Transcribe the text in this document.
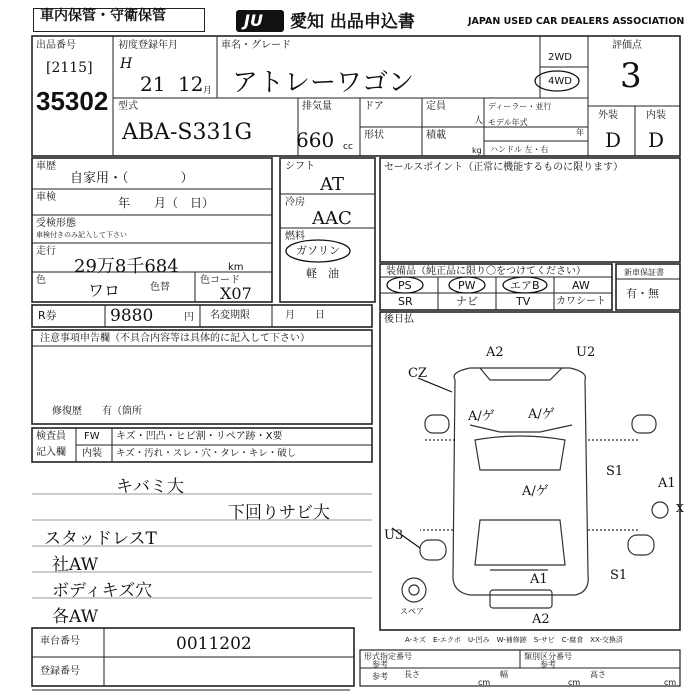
車内保管・守衛保管	JU 愛知 出品申込書	JAPAN USED CAR DEALERS ASSOCIATION
出品番号
[2115]
35302
初度登録年月
H
21 12 月
車名・グレード
アトレーワゴン
2WD
4WD
評価点
3
外装	内装
D D
型式
ABA-S331G
排気量
660 cc
ドア	定員
人
ディーラー・並行
モデル年式
年
形状	積載
kg ハンドル 左・右
車歴
自家用・（　　　　）
車検	年　　月（　日）
受検形態
車検付きのみ記入して下さい
走行
29万8千684	km
色
ワロ	色替
色コード
X07
シフト
AT
冷房
AAC
燃料
ガソリン
軽　油
セールスポイント（正常に機能するものに限ります）
装備品（純正品に限り〇をつけてください）
PS	PW	エアB	AW
SR	ナビ	TV	カワシート
新車保証書
有・無
R券	9880	円 名変期限	月　　日
注意事項申告欄（不具合内容等は具体的に記入して下さい）
修復歴　　有（箇所
後日払
検査員
記入欄
FW キズ・凹凸・ヒビ割・リペア跡・X要
内装 キズ・汚れ・スレ・穴・タレ・キレ・破し
キバミ大
下回りサビ大
スタッドレスT
社AW
ボディキズ穴
各AW
A2	U2
CZ
A/ゲ	A/ゲ
A/ゲ
S1
A1
U3
A1	S1
A2
X
スペア
A-キズ　E-エクボ　U-凹み　W-補修跡　S-サビ　C-腐食　XX-交換済
車台番号	0011202
登録番号
形式指定番号
参考
類別区分番号
参考
参考 長さ
cm
幅
cm
高さ
cm
